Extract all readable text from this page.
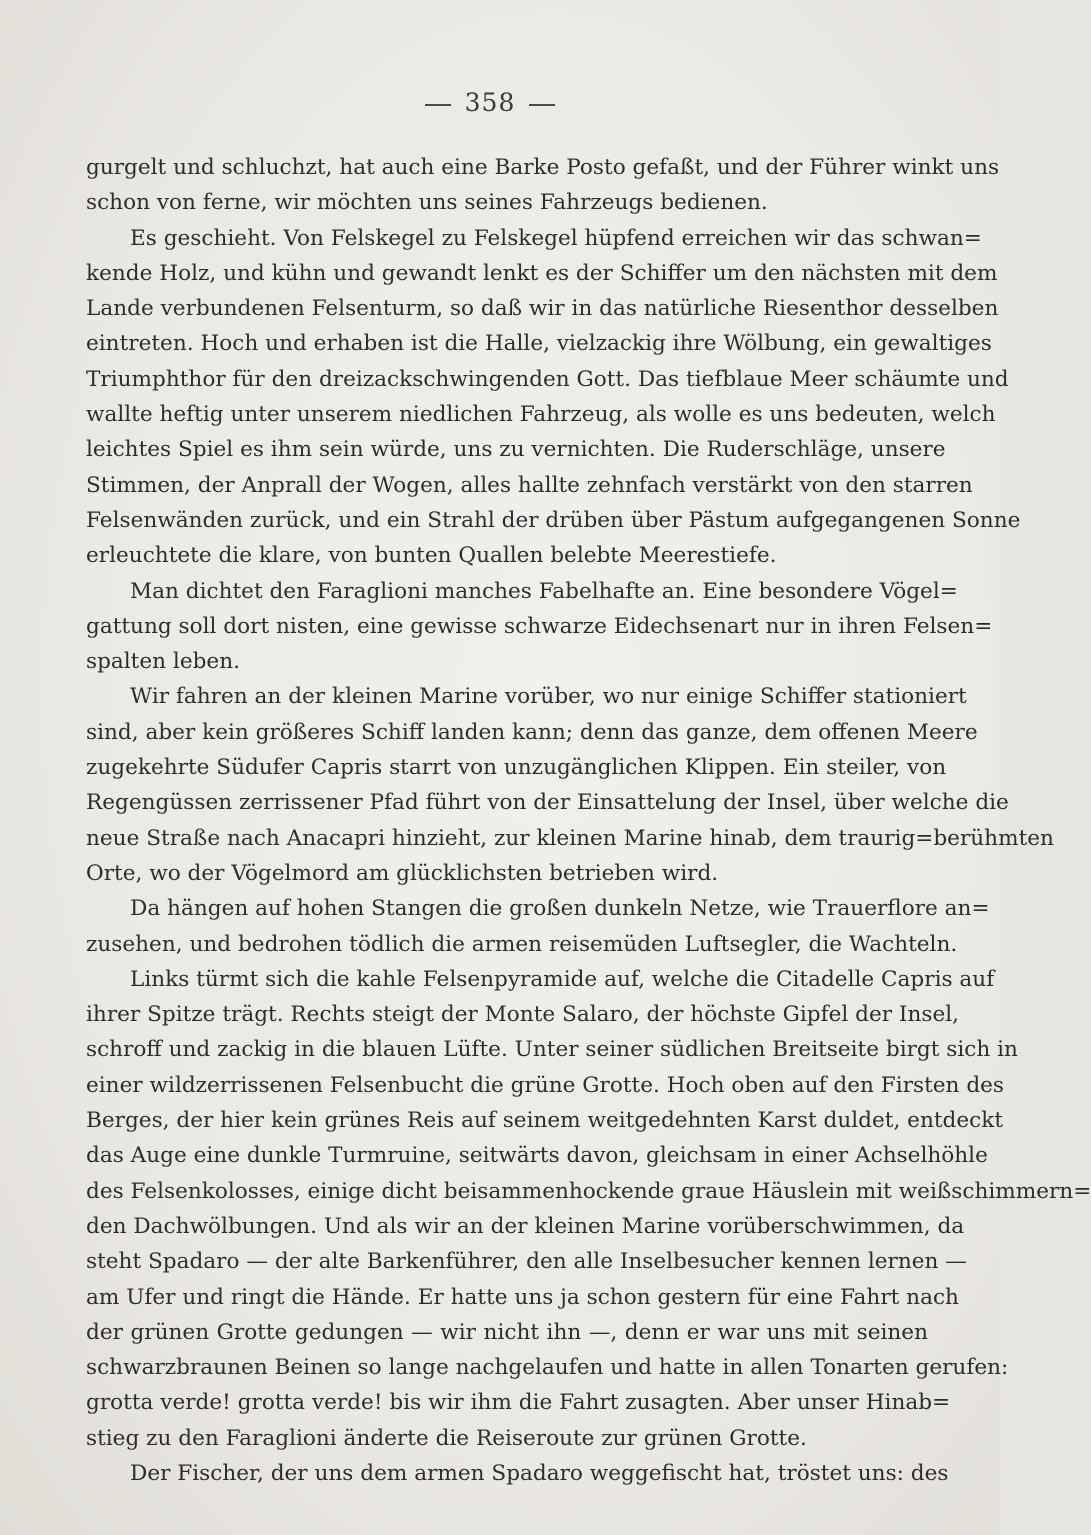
358
gurgelt und schluchzt, hat auch eine Barke Posto gefaßt, und der Führer winkt uns
schon von ferne, wir möchten uns seines Fahrzeugs bedienen.
Es geschieht. Von Felskegel zu Felskegel hüpfend erreichen wir das schwan=
kende Holz, und kühn und gewandt lenkt es der Schiffer um den nächsten mit dem
Lande verbundenen Felsenturm, so daß wir in das natürliche Riesenthor desselben
eintreten. Hoch und erhaben ist die Halle, vielzackig ihre Wölbung, ein gewaltiges
Triumphthor für den dreizackschwingenden Gott. Das tiefblaue Meer schäumte und
wallte heftig unter unserem niedlichen Fahrzeug, als wolle es uns bedeuten, welch
leichtes Spiel es ihm sein würde, uns zu vernichten. Die Ruderschläge, unsere
Stimmen, der Anprall der Wogen, alles hallte zehnfach verstärkt von den starren
Felsenwänden zurück, und ein Strahl der drüben über Pästum aufgegangenen Sonne
erleuchtete die klare, von bunten Quallen belebte Meerestiefe.
Man dichtet den Faraglioni manches Fabelhafte an. Eine besondere Vögel=
gattung soll dort nisten, eine gewisse schwarze Eidechsenart nur in ihren Felsen=
spalten leben.
Wir fahren an der kleinen Marine vorüber, wo nur einige Schiffer stationiert
sind, aber kein größeres Schiff landen kann; denn das ganze, dem offenen Meere
zugekehrte Südufer Capris starrt von unzugänglichen Klippen. Ein steiler, von
Regengüssen zerrissener Pfad führt von der Einsattelung der Insel, über welche die
neue Straße nach Anacapri hinzieht, zur kleinen Marine hinab, dem traurig=berühmten
Orte, wo der Vögelmord am glücklichsten betrieben wird.
Da hängen auf hohen Stangen die großen dunkeln Netze, wie Trauerflore an=
zusehen, und bedrohen tödlich die armen reisemüden Luftsegler, die Wachteln.
Links türmt sich die kahle Felsenpyramide auf, welche die Citadelle Capris auf
ihrer Spitze trägt. Rechts steigt der Monte Salaro, der höchste Gipfel der Insel,
schroff und zackig in die blauen Lüfte. Unter seiner südlichen Breitseite birgt sich in
einer wildzerrissenen Felsenbucht die grüne Grotte. Hoch oben auf den Firsten des
Berges, der hier kein grünes Reis auf seinem weitgedehnten Karst duldet, entdeckt
das Auge eine dunkle Turmruine, seitwärts davon, gleichsam in einer Achselhöhle
des Felsenkolosses, einige dicht beisammenhockende graue Häuslein mit weißschimmern=
den Dachwölbungen. Und als wir an der kleinen Marine vorüberschwimmen, da
steht Spadaro — der alte Barkenführer, den alle Inselbesucher kennen lernen —
am Ufer und ringt die Hände. Er hatte uns ja schon gestern für eine Fahrt nach
der grünen Grotte gedungen — wir nicht ihn —, denn er war uns mit seinen
schwarzbraunen Beinen so lange nachgelaufen und hatte in allen Tonarten gerufen:
grotta verde! grotta verde! bis wir ihm die Fahrt zusagten. Aber unser Hinab=
stieg zu den Faraglioni änderte die Reiseroute zur grünen Grotte.
Der Fischer, der uns dem armen Spadaro weggefischt hat, tröstet uns: des
